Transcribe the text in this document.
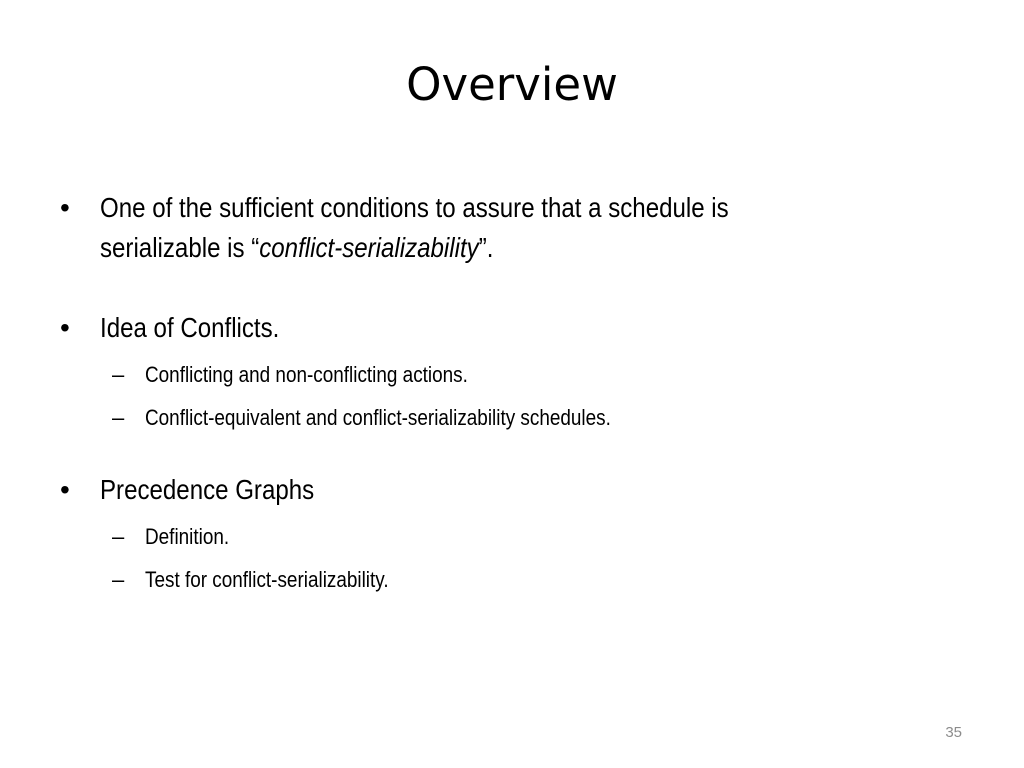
Overview
•	One of the sufficient conditions to assure that a schedule is
serializable is “conflict-serializability”.
•	Idea of Conflicts.
– Conflicting and non-conflicting actions.
– Conflict-equivalent and conflict-serializability schedules.
•	Precedence Graphs
– Definition.
– Test for conflict-serializability.
35
